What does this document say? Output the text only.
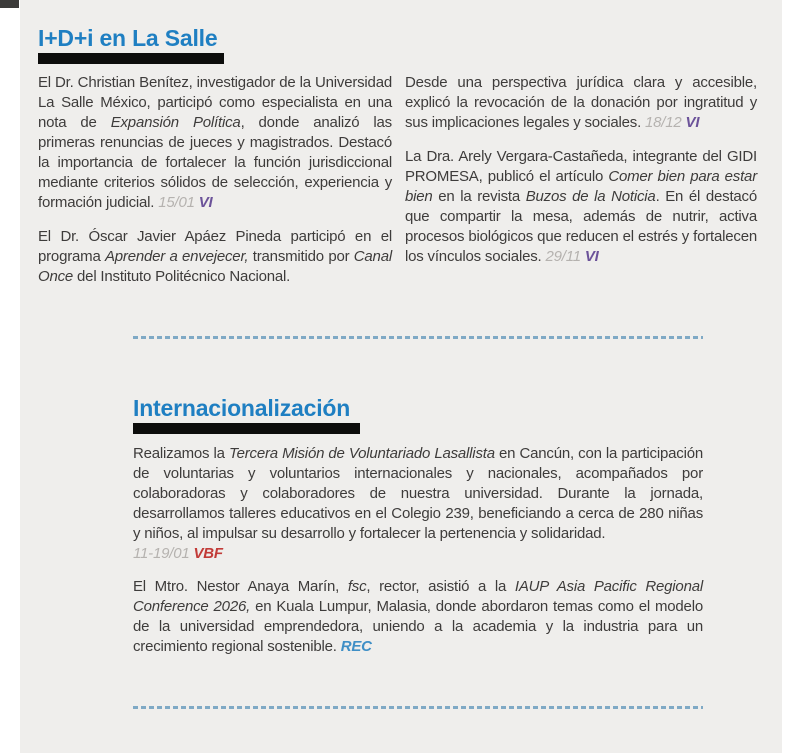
I+D+i en La Salle

El Dr. Christian Benítez, investigador de la Universidad La Salle México, participó como especialista en una nota de Expansión Política, donde analizó las primeras renuncias de jueces y magistrados. Destacó la importancia de fortalecer la función jurisdiccional mediante criterios sólidos de selección, experiencia y formación judicial. 15/01 VI

El Dr. Óscar Javier Apáez Pineda participó en el programa Aprender a envejecer, transmitido por Canal Once del Instituto Politécnico Nacional.

Desde una perspectiva jurídica clara y accesible, explicó la revocación de la donación por ingratitud y sus implicaciones legales y sociales. 18/12 VI

La Dra. Arely Vergara-Castañeda, integrante del GIDI PROMESA, publicó el artículo Comer bien para estar bien en la revista Buzos de la Noticia. En él destacó que compartir la mesa, además de nutrir, activa procesos biológicos que reducen el estrés y fortalecen los vínculos sociales. 29/11 VI

Internacionalización

Realizamos la Tercera Misión de Voluntariado Lasallista en Cancún, con la participación de voluntarias y voluntarios internacionales y nacionales, acompañados por colaboradoras y colaboradores de nuestra universidad. Durante la jornada, desarrollamos talleres educativos en el Colegio 239, beneficiando a cerca de 280 niñas y niños, al impulsar su desarrollo y fortalecer la pertenencia y solidaridad.
11-19/01 VBF

El Mtro. Nestor Anaya Marín, fsc, rector, asistió a la IAUP Asia Pacific Regional Conference 2026, en Kuala Lumpur, Malasia, donde abordaron temas como el modelo de la universidad emprendedora, uniendo a la academia y la industria para un crecimiento regional sostenible. REC
